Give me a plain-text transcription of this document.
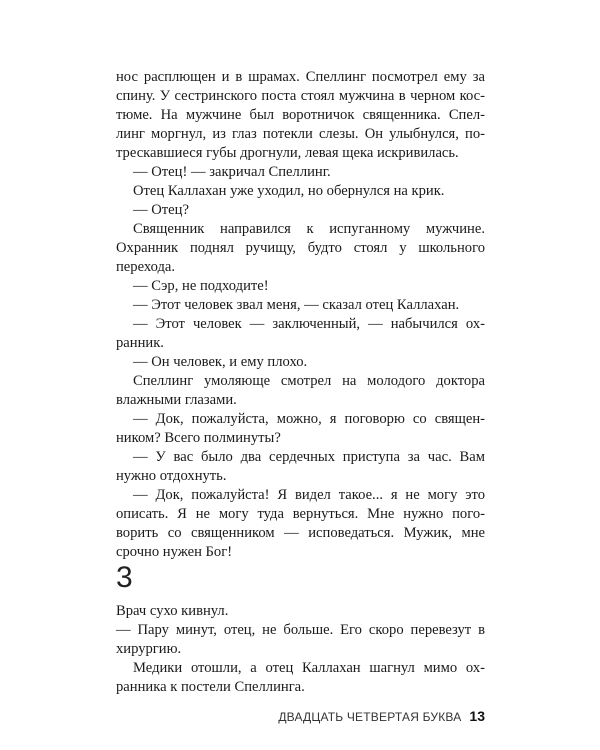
нос расплющен и в шрамах. Спеллинг посмотрел ему за
спину. У сестринского поста стоял мужчина в черном кос-
тюме. На мужчине был воротничок священника. Спел-
линг моргнул, из глаз потекли слезы. Он улыбнулся, по-
трескавшиеся губы дрогнули, левая щека искривилась.
— Отец! — закричал Спеллинг.
Отец Каллахан уже уходил, но обернулся на крик.
— Отец?
Священник направился к испуганному мужчине.
Охранник поднял ручищу, будто стоял у школьного
перехода.
— Сэр, не подходите!
— Этот человек звал меня, — сказал отец Каллахан.
— Этот человек — заключенный, — набычился ох-
ранник.
— Он человек, и ему плохо.
Спеллинг умоляюще смотрел на молодого доктора
влажными глазами.
— Док, пожалуйста, можно, я поговорю со священ-
ником? Всего полминуты?
— У вас было два сердечных приступа за час. Вам
нужно отдохнуть.
— Док, пожалуйста! Я видел такое... я не могу это
описать. Я не могу туда вернуться. Мне нужно пого-
ворить со священником — исповедаться. Мужик, мне
срочно нужен Бог!
3
Врач сухо кивнул.
— Пару минут, отец, не больше. Его скоро перевезут в
хирургию.
Медики отошли, а отец Каллахан шагнул мимо ох-
ранника к постели Спеллинга.
ДВАДЦАТЬ ЧЕТВЕРТАЯ БУКВА 13
